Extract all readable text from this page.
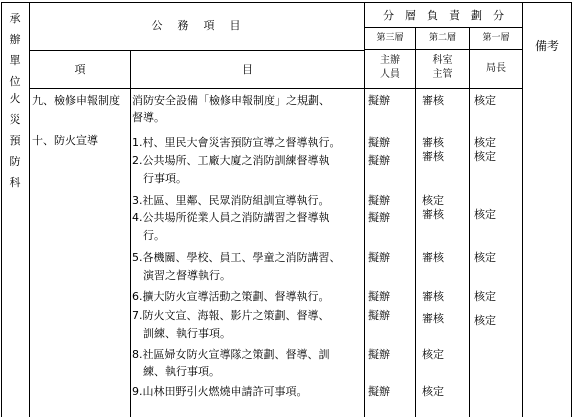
承
辦
單
位
公　務　項　目
分　層　負　責　劃　分
備考
項	目
第三層	第二層	第一層
主辦
人員
科室
主管
局長
火
災
預
防
科
九、檢修申報制度 消防安全設備「檢修申報制度」之規劃、
督導。
擬辦	審核	核定
十、防火宣導	1.村、里民大會災害預防宣導之督導執行。	擬辦	審核	核定
2.公共場所、工廠大廈之消防訓練督導執
　行事項。
擬辦	審核	核定
3.社區、里鄰、民眾消防組訓宣導執行。	擬辦	核定
4.公共場所從業人員之消防講習之督導執
　行。
擬辦	審核	核定
5.各機關、學校、員工、學童之消防講習、
　演習之督導執行。
擬辦	審核	核定
6.擴大防火宣導活動之策劃、督導執行。	擬辦	審核	核定
7.防火文宣、海報、影片之策劃、督導、
　訓練、執行事項。
擬辦	審核	核定
8.社區婦女防火宣導隊之策劃、督導、訓
　練、執行事項。
擬辦	核定
9.山林田野引火燃燒申請許可事項。	擬辦	核定
